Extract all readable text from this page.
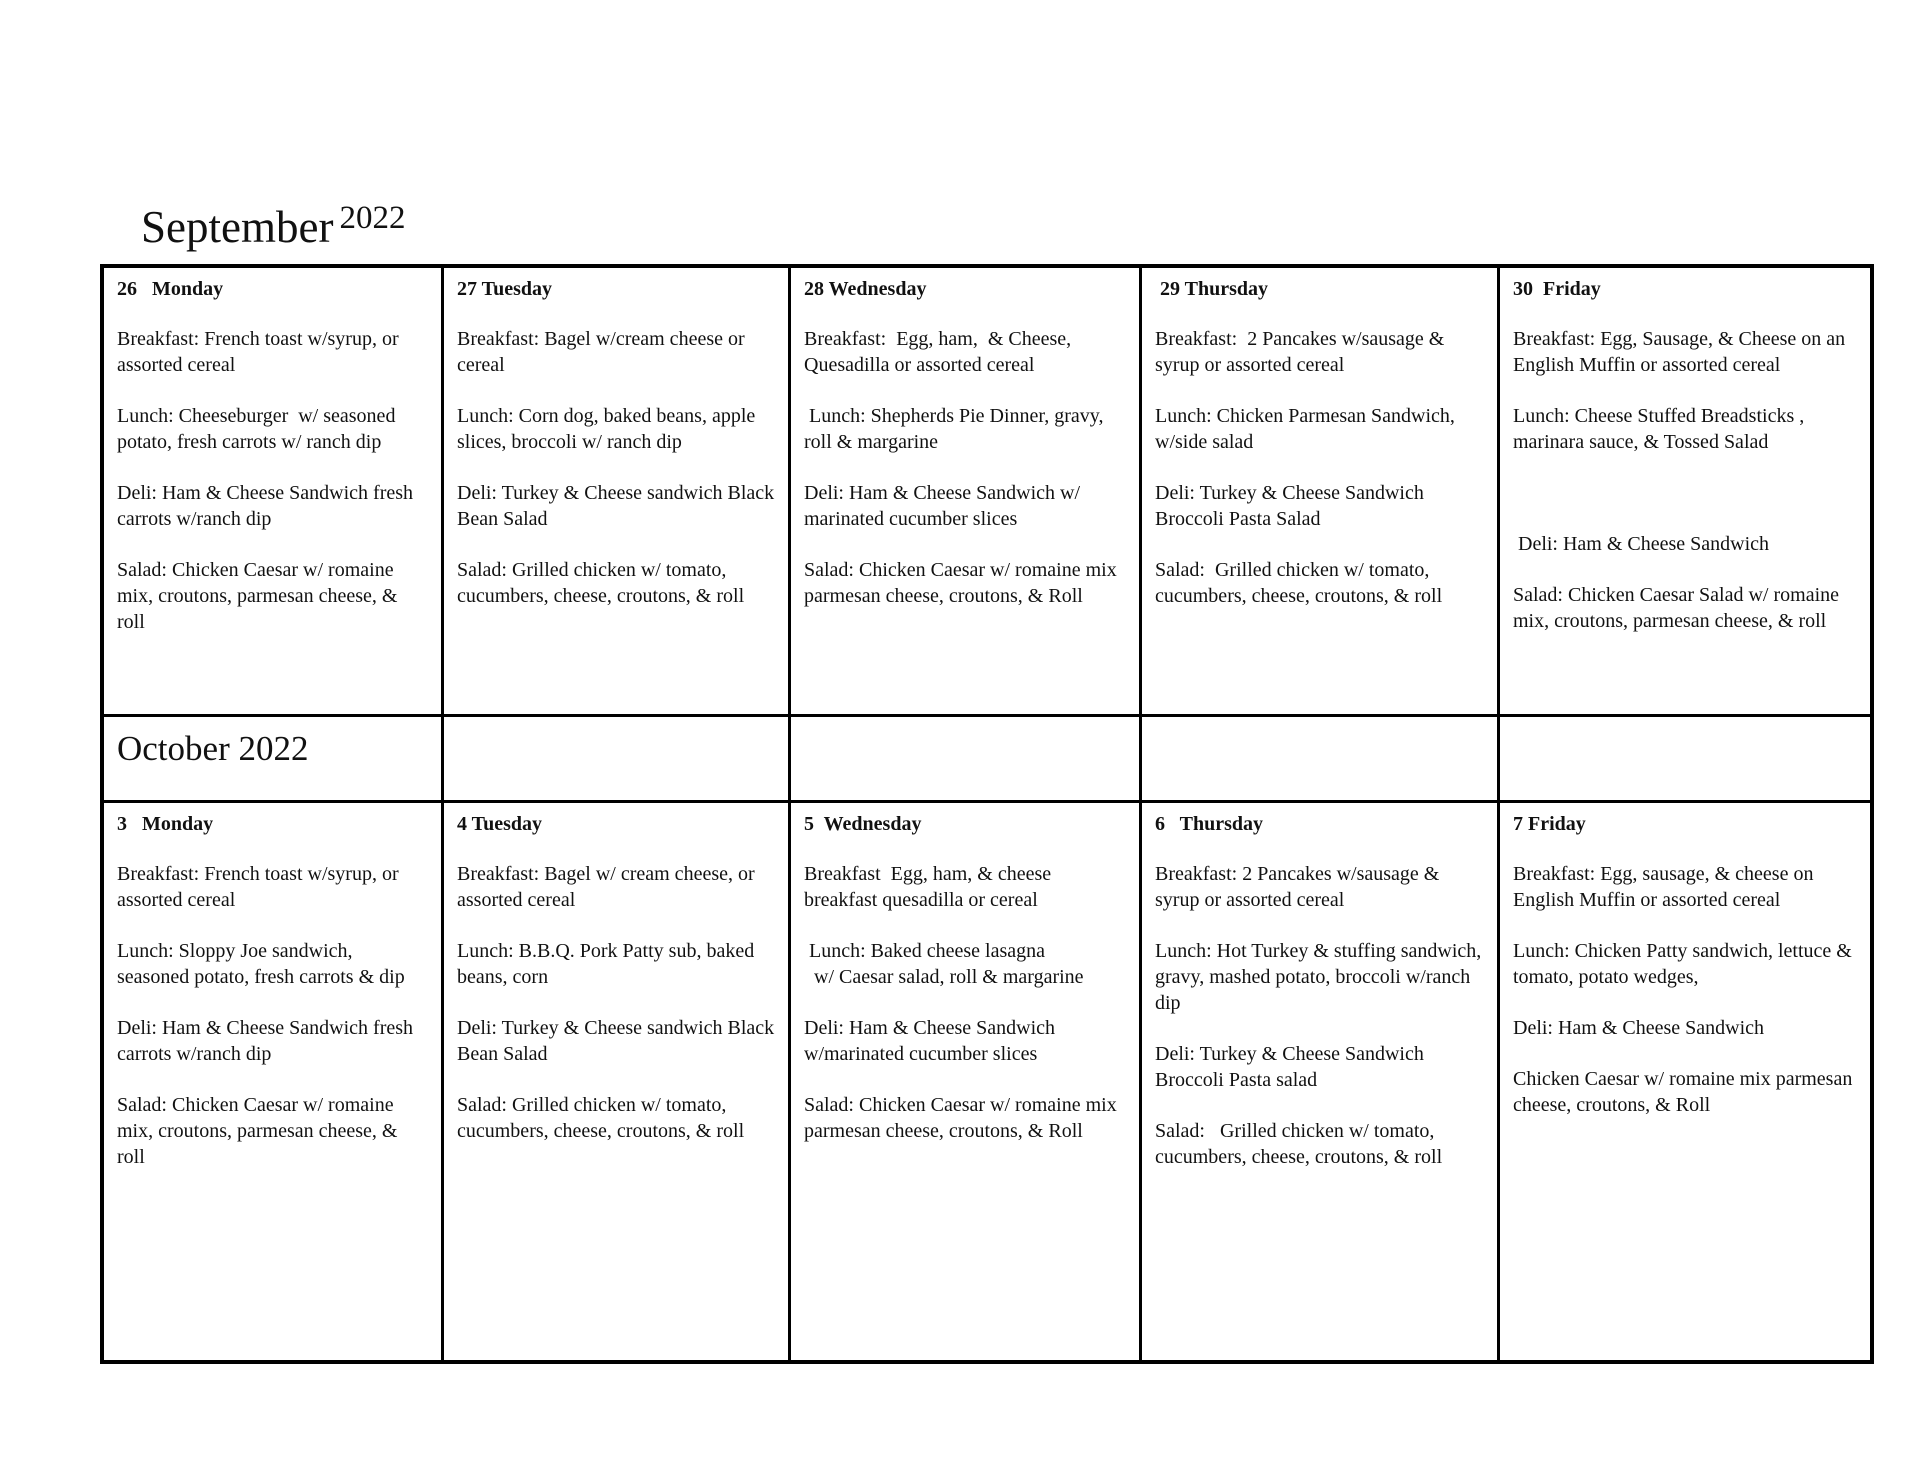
September $^{2022}$
26   Monday
Breakfast: French toast w/syrup, or assorted cereal
Lunch: Cheeseburger  w/ seasoned potato, fresh carrots w/ ranch dip
Deli: Ham & Cheese Sandwich fresh carrots w/ranch dip
Salad: Chicken Caesar w/ romaine mix, croutons, parmesan cheese, & roll
27 Tuesday
Breakfast: Bagel w/cream cheese or cereal
Lunch: Corn dog, baked beans, apple slices, broccoli w/ ranch dip
Deli: Turkey & Cheese sandwich Black Bean Salad
Salad: Grilled chicken w/ tomato, cucumbers, cheese, croutons, & roll
28 Wednesday
Breakfast:  Egg, ham,  & Cheese, Quesadilla or assorted cereal
Lunch: Shepherds Pie Dinner, gravy,  roll & margarine
Deli: Ham & Cheese Sandwich w/ marinated cucumber slices
Salad: Chicken Caesar w/ romaine mix parmesan cheese, croutons, & Roll
29 Thursday
Breakfast:  2 Pancakes w/sausage & syrup or assorted cereal
Lunch: Chicken Parmesan Sandwich, w/side salad
Deli: Turkey & Cheese Sandwich Broccoli Pasta Salad
Salad:  Grilled chicken w/ tomato, cucumbers, cheese, croutons, & roll
30  Friday
Breakfast: Egg, Sausage, & Cheese on an English Muffin or assorted cereal
Lunch: Cheese Stuffed Breadsticks , marinara sauce, & Tossed Salad
Deli: Ham & Cheese Sandwich
Salad: Chicken Caesar Salad w/ romaine mix, croutons, parmesan cheese, & roll
October 2022
3   Monday
Breakfast: French toast w/syrup, or assorted cereal
Lunch: Sloppy Joe sandwich, seasoned potato, fresh carrots & dip
Deli: Ham & Cheese Sandwich fresh carrots w/ranch dip
Salad: Chicken Caesar w/ romaine mix, croutons, parmesan cheese, & roll
4 Tuesday
Breakfast: Bagel w/ cream cheese, or assorted cereal
Lunch: B.B.Q. Pork Patty sub, baked beans, corn
Deli: Turkey & Cheese sandwich Black Bean Salad
Salad: Grilled chicken w/ tomato, cucumbers, cheese, croutons, & roll
5  Wednesday
Breakfast  Egg, ham, & cheese breakfast quesadilla or cereal
Lunch: Baked cheese lasagna
w/ Caesar salad, roll & margarine
Deli: Ham & Cheese Sandwich w/marinated cucumber slices
Salad: Chicken Caesar w/ romaine mix parmesan cheese, croutons, & Roll
6   Thursday
Breakfast: 2 Pancakes w/sausage & syrup or assorted cereal
Lunch: Hot Turkey & stuffing sandwich, gravy, mashed potato, broccoli w/ranch dip
Deli: Turkey & Cheese Sandwich Broccoli Pasta salad
Salad:   Grilled chicken w/ tomato, cucumbers, cheese, croutons, & roll
7 Friday
Breakfast: Egg, sausage, & cheese on English Muffin or assorted cereal
Lunch: Chicken Patty sandwich, lettuce & tomato, potato wedges,
Deli: Ham & Cheese Sandwich
Chicken Caesar w/ romaine mix parmesan cheese, croutons, & Roll
